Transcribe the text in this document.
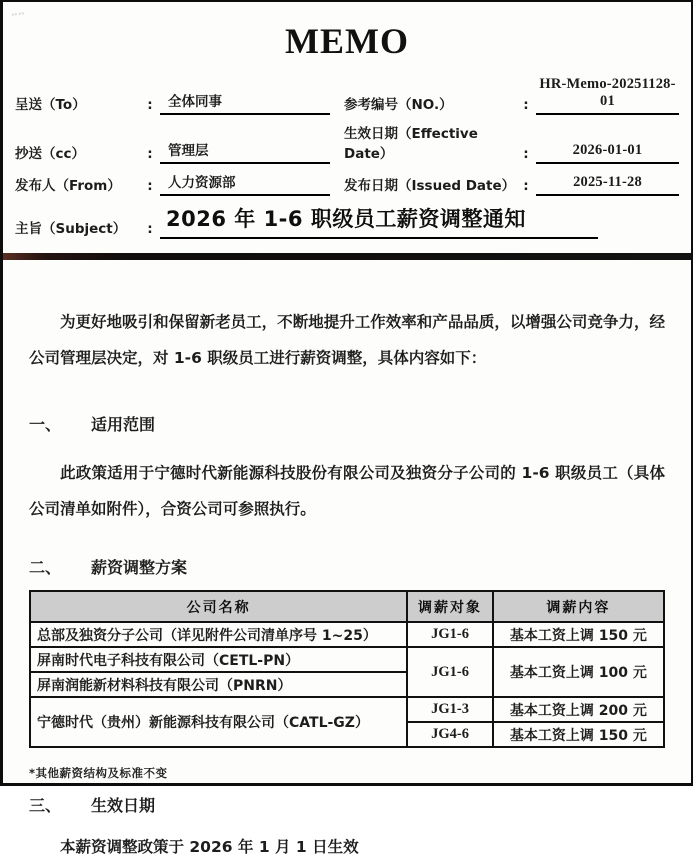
MEMO
呈送（To）	:	全体同事	参考编号（NO.）	:
HR-Memo-20251128-01
抄送（cc）	:	管理层
生效日期（Effective Date）	:	2026-01-01
发布人（From）	:	人力资源部	发布日期（Issued Date） :	2025-11-28
主旨（Subject）	: 2026 年 1-6 职级员工薪资调整通知

为更好地吸引和保留新老员工，不断地提升工作效率和产品品质，以增强公司竞争力，经公司管理层决定，对 1-6 职级员工进行薪资调整，具体内容如下：

一、 适用范围

此政策适用于宁德时代新能源科技股份有限公司及独资分子公司的 1-6 职级员工（具体公司清单如附件），合资公司可参照执行。

二、 薪资调整方案
公司名称	调薪对象	调薪内容
总部及独资分子公司（详见附件公司清单序号 1~25）	JG1-6	基本工资上调 150 元
屏南时代电子科技有限公司（CETL-PN）	JG1-6	基本工资上调 100 元
屏南润能新材料科技有限公司（PNRN）		
宁德时代（贵州）新能源科技有限公司（CATL-GZ）	JG1-3	基本工资上调 200 元
	JG4-6	基本工资上调 150 元

*其他薪资结构及标准不变

三、 生效日期

本薪资调整政策于 2026 年 1 月 1 日生效
